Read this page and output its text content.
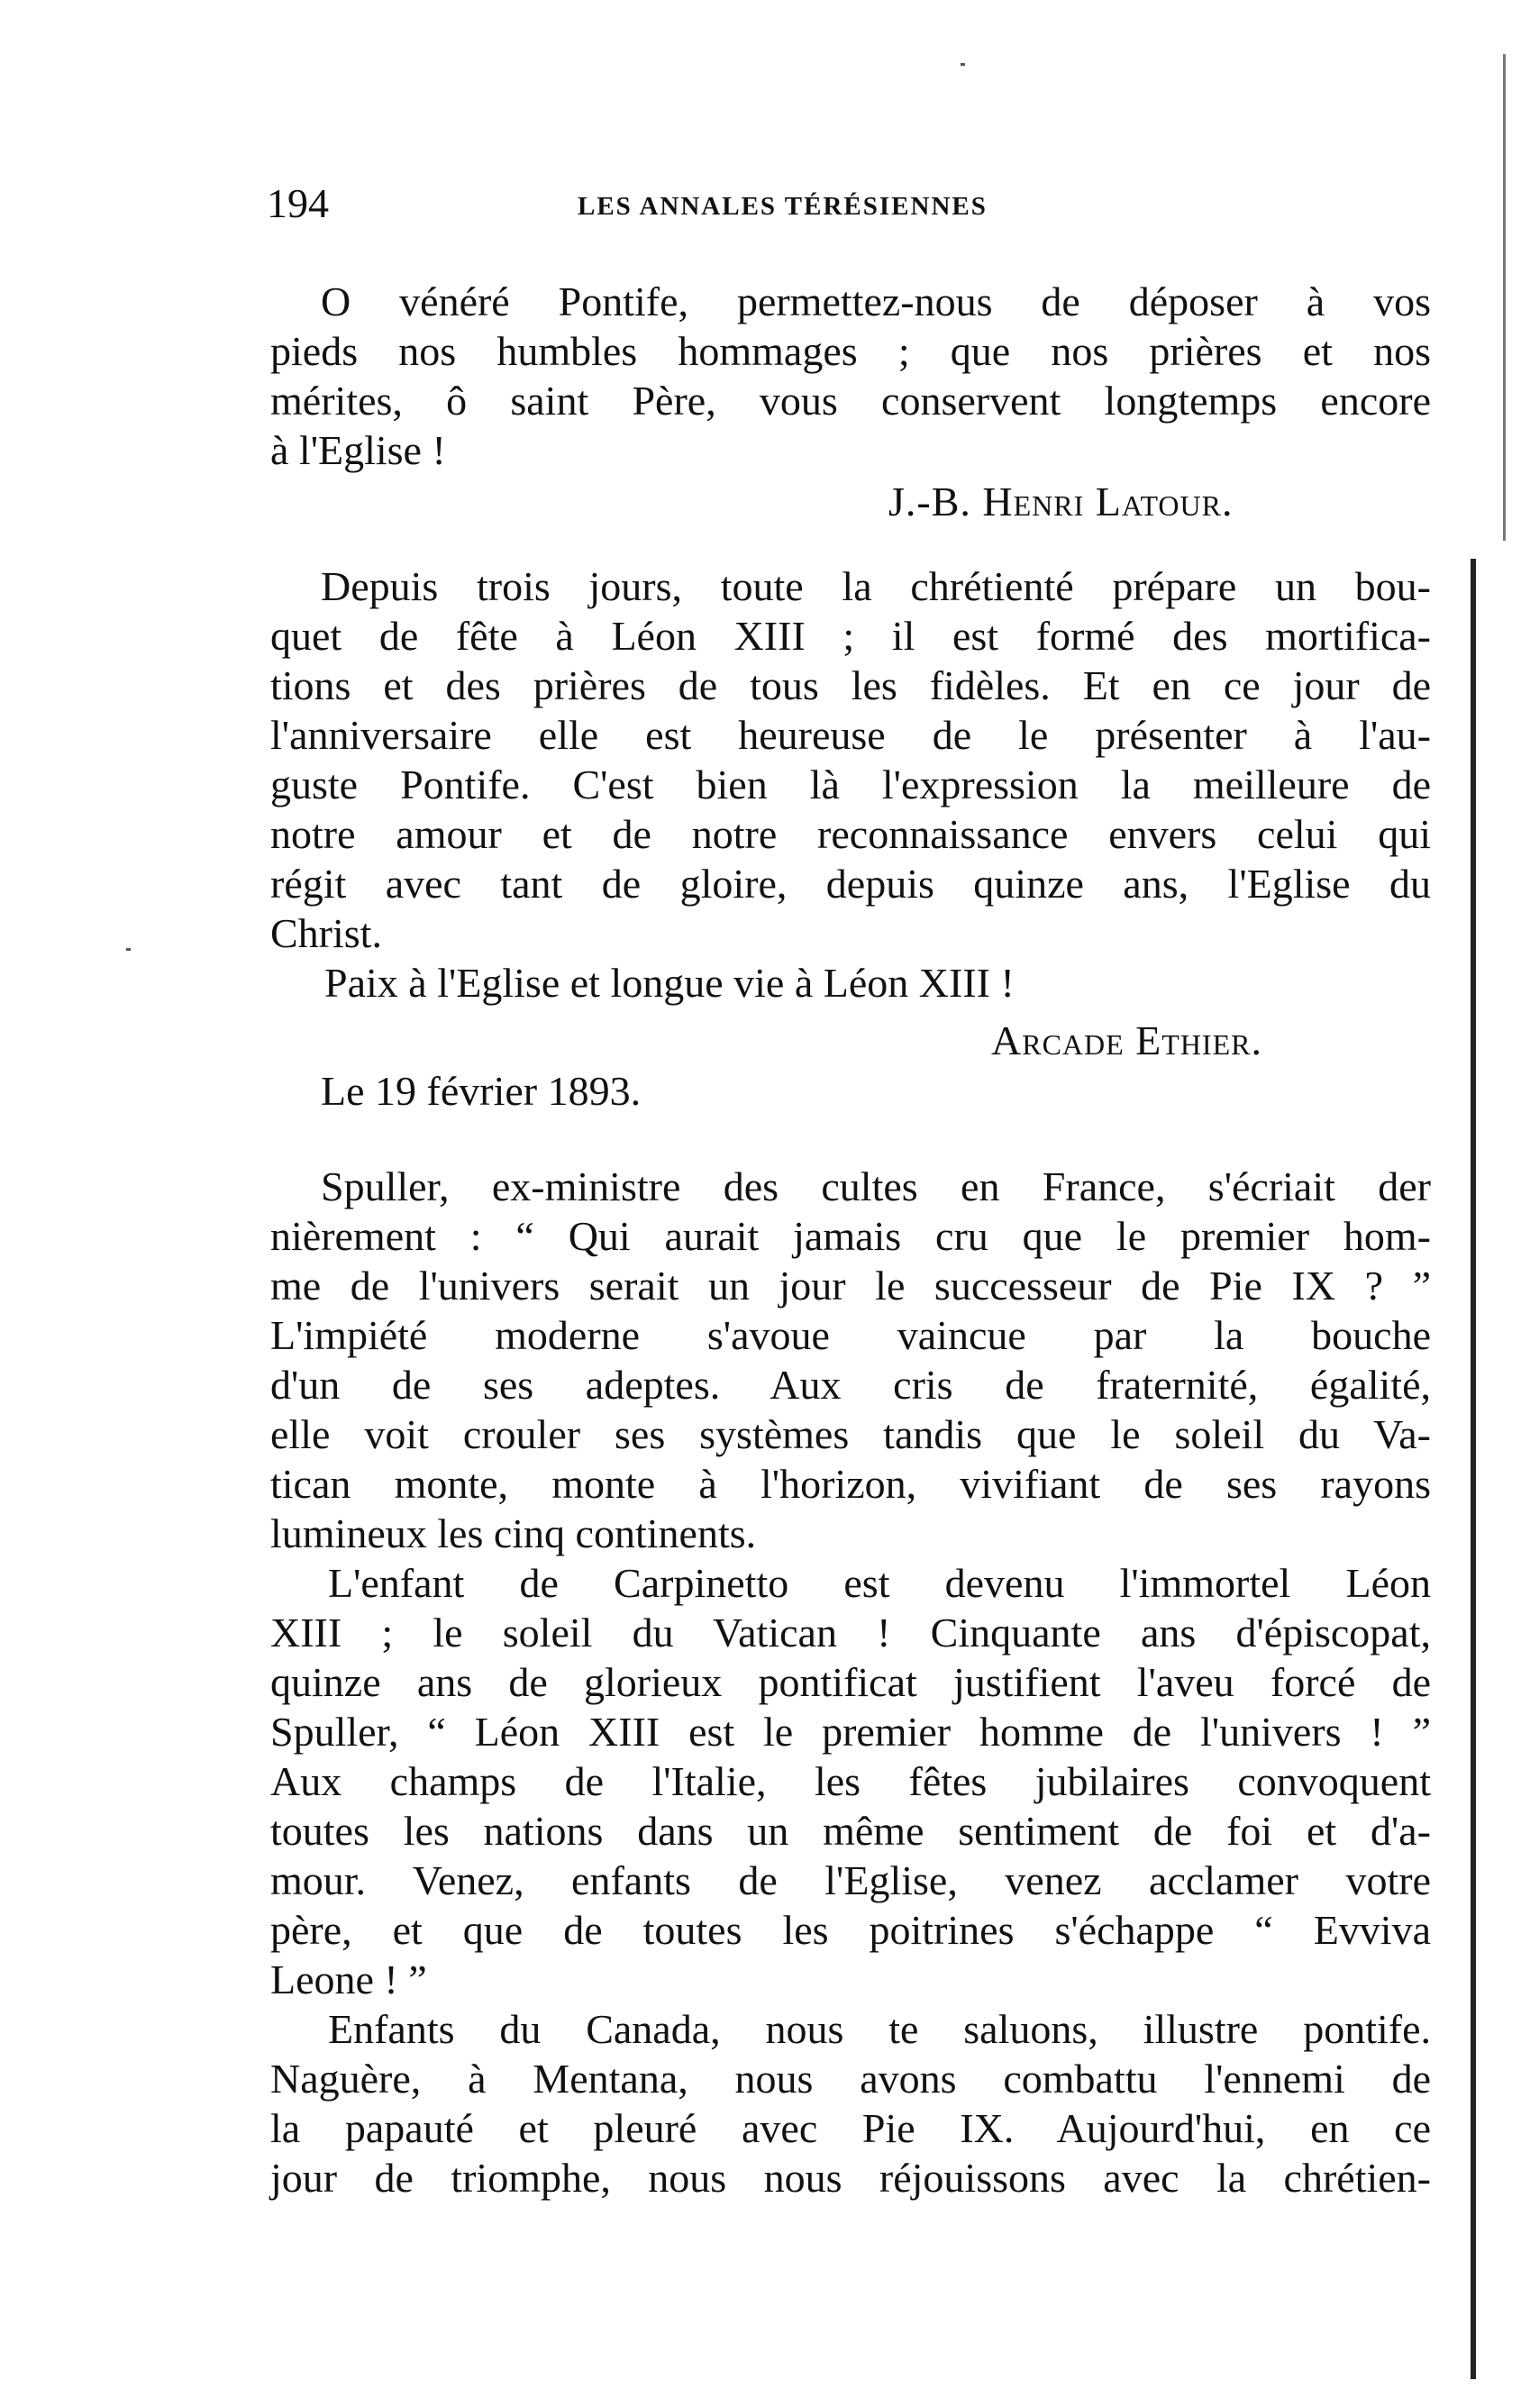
194	LES ANNALES TÉRÉSIENNES
O vénéré Pontife, permettez-nous de déposer à vos
pieds nos humbles hommages ; que nos prières et nos
mérites, ô saint Père, vous conservent longtemps encore
à l'Eglise !
J.-B. Henri Latour.
Depuis trois jours, toute la chrétienté prépare un bou-
quet de fête à Léon XIII ; il est formé des mortifica-
tions et des prières de tous les fidèles. Et en ce jour de
l'anniversaire elle est heureuse de le présenter à l'au-
guste Pontife. C'est bien là l'expression la meilleure de
notre amour et de notre reconnaissance envers celui qui
régit avec tant de gloire, depuis quinze ans, l'Eglise du
Christ.
Paix à l'Eglise et longue vie à Léon XIII !
Arcade Ethier.
Le 19 février 1893.
Spuller, ex-ministre des cultes en France, s'écriait der
nièrement : “ Qui aurait jamais cru que le premier hom-
me de l'univers serait un jour le successeur de Pie IX ? ”
L'impiété moderne s'avoue vaincue par la bouche
d'un de ses adeptes. Aux cris de fraternité, égalité,
elle voit crouler ses systèmes tandis que le soleil du Va-
tican monte, monte à l'horizon, vivifiant de ses rayons
lumineux les cinq continents.
L'enfant de Carpinetto est devenu l'immortel Léon
XIII ; le soleil du Vatican ! Cinquante ans d'épiscopat,
quinze ans de glorieux pontificat justifient l'aveu forcé de
Spuller, “ Léon XIII est le premier homme de l'univers ! ”
Aux champs de l'Italie, les fêtes jubilaires convoquent
toutes les nations dans un même sentiment de foi et d'a-
mour. Venez, enfants de l'Eglise, venez acclamer votre
père, et que de toutes les poitrines s'échappe “ Evviva
Leone ! ”
Enfants du Canada, nous te saluons, illustre pontife.
Naguère, à Mentana, nous avons combattu l'ennemi de
la papauté et pleuré avec Pie IX. Aujourd'hui, en ce
jour de triomphe, nous nous réjouissons avec la chrétien-
